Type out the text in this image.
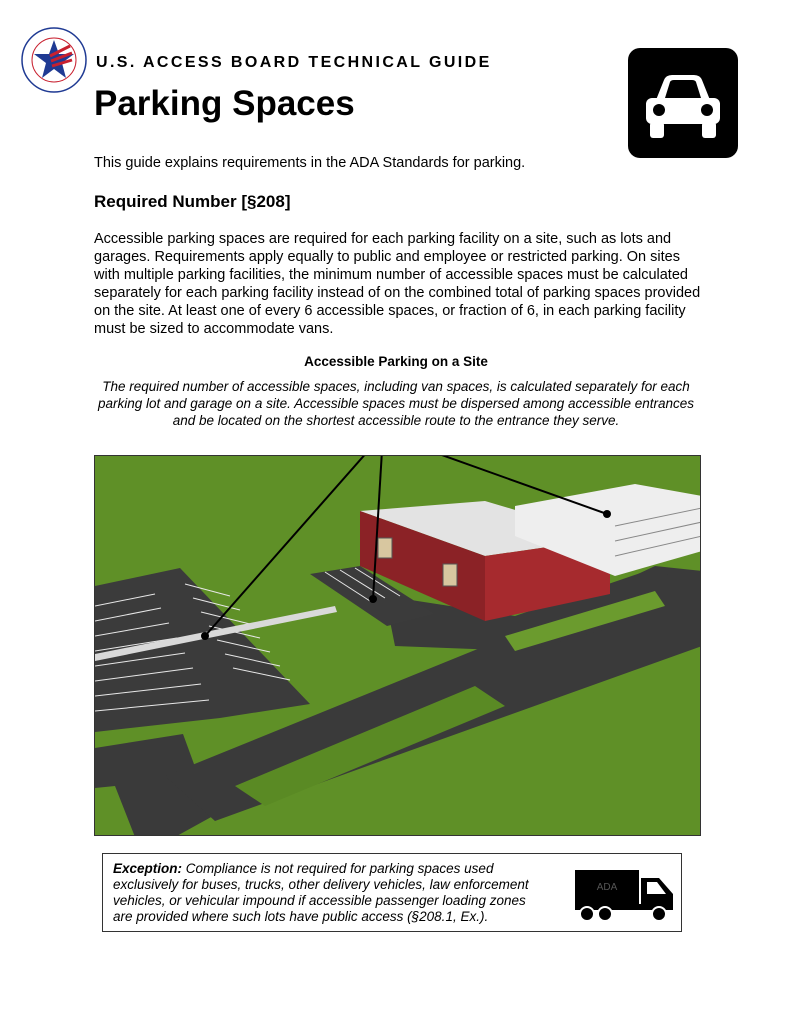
U.S. ACCESS BOARD TECHNICAL GUIDE
Parking Spaces
This guide explains requirements in the ADA Standards for parking.
Required Number [§208]

Accessible parking spaces are required for each parking facility on a site, such as lots and garages. Requirements apply equally to public and employee or restricted parking. On sites with multiple parking facilities, the minimum number of accessible spaces must be calculated separately for each parking facility instead of on the combined total of parking spaces provided on the site. At least one of every 6 accessible spaces, or fraction of 6, in each parking facility must be sized to accommodate vans.

Accessible Parking on a Site
The required number of accessible spaces, including van spaces, is calculated separately for each parking lot and garage on a site. Accessible spaces must be dispersed among accessible entrances and be located on the shortest accessible route to the entrance they serve.
Exception: Compliance is not required for parking spaces used exclusively for buses, trucks, other delivery vehicles, law enforcement vehicles, or vehicular impound if accessible passenger loading zones are provided where such lots have public access (§208.1, Ex.).
ADA
